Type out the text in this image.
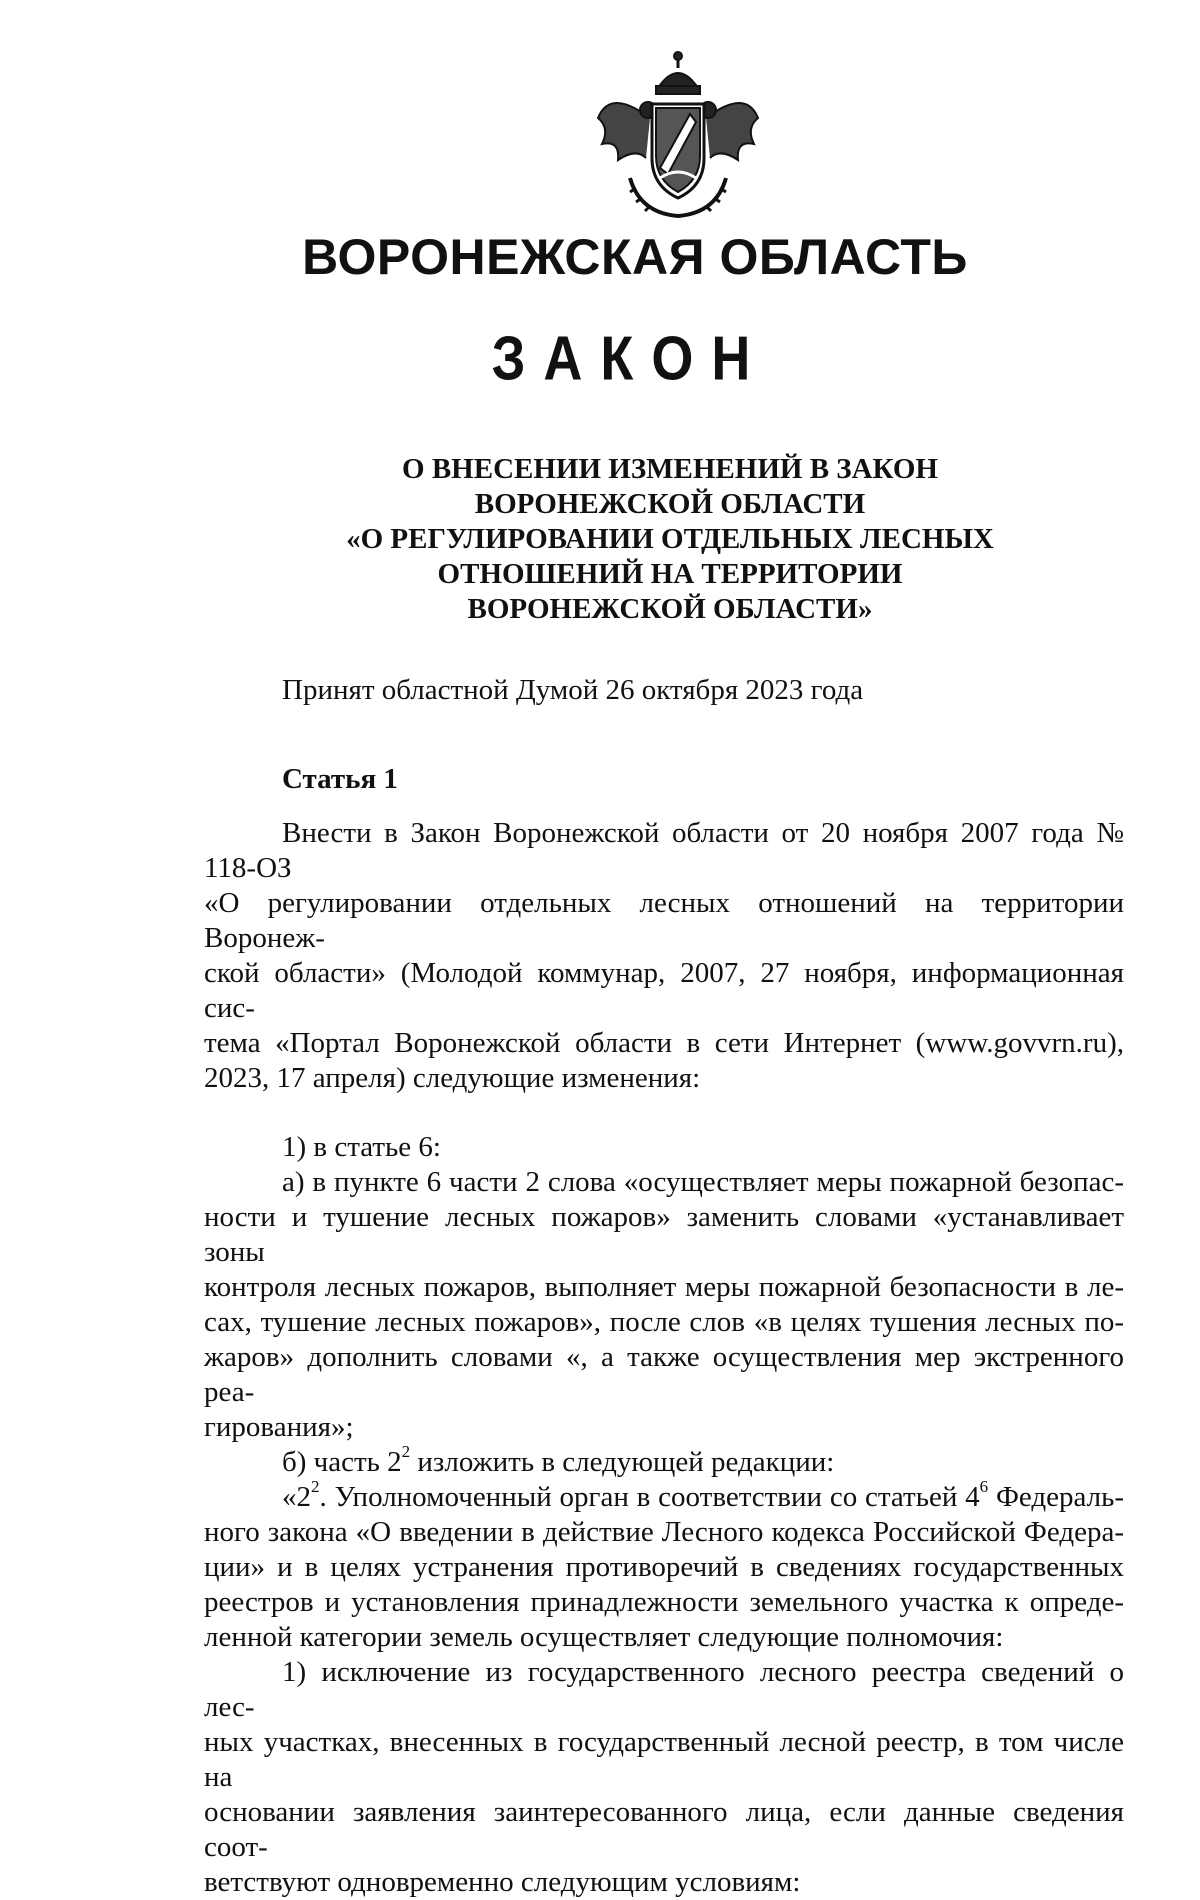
ВОРОНЕЖСКАЯ ОБЛАСТЬ
ЗАКОН
О ВНЕСЕНИИ ИЗМЕНЕНИЙ В ЗАКОН
ВОРОНЕЖСКОЙ ОБЛАСТИ
«О РЕГУЛИРОВАНИИ ОТДЕЛЬНЫХ ЛЕСНЫХ
ОТНОШЕНИЙ НА ТЕРРИТОРИИ
ВОРОНЕЖСКОЙ ОБЛАСТИ»
Принят областной Думой 26 октября 2023 года
Статья 1

Внести в Закон Воронежской области от 20 ноября 2007 года № 118-ОЗ

«О регулировании отдельных лесных отношений на территории Воронеж-

ской области» (Молодой коммунар, 2007, 27 ноября, информационная сис-

тема «Портал Воронежской области в сети Интернет (www.govvrn.ru),

2023, 17 апреля) следующие изменения:

1) в статье 6:

а) в пункте 6 части 2 слова «осуществляет меры пожарной безопас-

ности и тушение лесных пожаров» заменить словами «устанавливает зоны

контроля лесных пожаров, выполняет меры пожарной безопасности в ле-

сах, тушение лесных пожаров», после слов «в целях тушения лесных по-

жаров» дополнить словами «, а также осуществления мер экстренного реа-

гирования»;

б) часть $2^2$ изложить в следующей редакции:

«$2^2$. Уполномоченный орган в соответствии со статьей $4^6$ Федераль-

ного закона «О введении в действие Лесного кодекса Российской Федера-

ции» и в целях устранения противоречий в сведениях государственных

реестров и установления принадлежности земельного участка к опреде-

ленной категории земель осуществляет следующие полномочия:

1) исключение из государственного лесного реестра сведений о лес-

ных участках, внесенных в государственный лесной реестр, в том числе на

основании заявления заинтересованного лица, если данные сведения соот-

ветствуют одновременно следующим условиям:
